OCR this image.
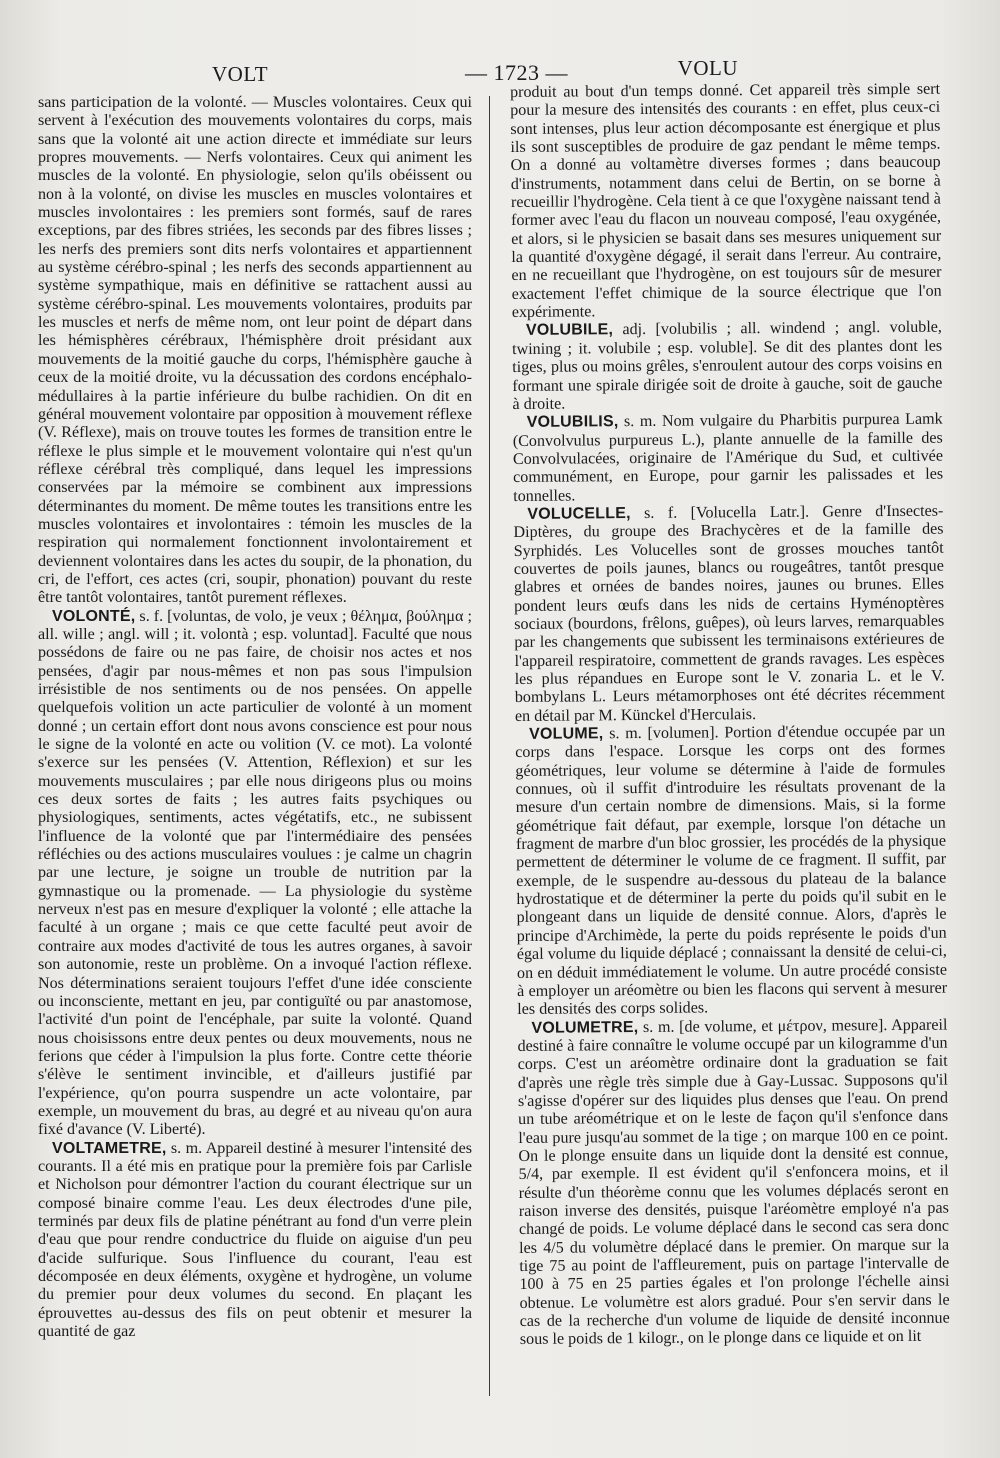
VOLT	— 1723 —	VOLU

sans participation de la volonté. — Muscles volontaires. Ceux qui servent à l'exécution des mouvements volontaires du corps, mais sans que la volonté ait une action directe et immédiate sur leurs propres mouvements. — Nerfs volontaires. Ceux qui animent les muscles de la volonté. En physiologie, selon qu'ils obéissent ou non à la volonté, on divise les muscles en muscles volontaires et muscles involontaires : les premiers sont formés, sauf de rares exceptions, par des fibres striées, les seconds par des fibres lisses ; les nerfs des premiers sont dits nerfs volontaires et appartiennent au système cérébro-spinal ; les nerfs des seconds appartiennent au système sympathique, mais en définitive se rattachent aussi au système cérébro-spinal. Les mouvements volontaires, produits par les muscles et nerfs de même nom, ont leur point de départ dans les hémisphères cérébraux, l'hémisphère droit présidant aux mouvements de la moitié gauche du corps, l'hémisphère gauche à ceux de la moitié droite, vu la décussation des cordons encéphalo-médullaires à la partie inférieure du bulbe rachidien. On dit en général mouvement volontaire par opposition à mouvement réflexe (V. Réflexe), mais on trouve toutes les formes de transition entre le réflexe le plus simple et le mouvement volontaire qui n'est qu'un réflexe cérébral très compliqué, dans lequel les impressions conservées par la mémoire se combinent aux impressions déterminantes du moment. De même toutes les transitions entre les muscles volontaires et involontaires : témoin les muscles de la respiration qui normalement fonctionnent involontairement et deviennent volontaires dans les actes du soupir, de la phonation, du cri, de l'effort, ces actes (cri, soupir, phonation) pouvant du reste être tantôt volontaires, tantôt purement réflexes.

VOLONTÉ, s. f. [voluntas, de volo, je veux ; θέλημα, βούλημα ; all. wille ; angl. will ; it. volontà ; esp. voluntad]. Faculté que nous possédons de faire ou ne pas faire, de choisir nos actes et nos pensées, d'agir par nous-mêmes et non pas sous l'impulsion irrésistible de nos sentiments ou de nos pensées. On appelle quelquefois volition un acte particulier de volonté à un moment donné ; un certain effort dont nous avons conscience est pour nous le signe de la volonté en acte ou volition (V. ce mot). La volonté s'exerce sur les pensées (V. Attention, Réflexion) et sur les mouvements musculaires ; par elle nous dirigeons plus ou moins ces deux sortes de faits ; les autres faits psychiques ou physiologiques, sentiments, actes végétatifs, etc., ne subissent l'influence de la volonté que par l'intermédiaire des pensées réfléchies ou des actions musculaires voulues : je calme un chagrin par une lecture, je soigne un trouble de nutrition par la gymnastique ou la promenade. — La physiologie du système nerveux n'est pas en mesure d'expliquer la volonté ; elle attache la faculté à un organe ; mais ce que cette faculté peut avoir de contraire aux modes d'activité de tous les autres organes, à savoir son autonomie, reste un problème. On a invoqué l'action réflexe. Nos déterminations seraient toujours l'effet d'une idée consciente ou inconsciente, mettant en jeu, par contiguïté ou par anastomose, l'activité d'un point de l'encéphale, par suite la volonté. Quand nous choisissons entre deux pentes ou deux mouvements, nous ne ferions que céder à l'impulsion la plus forte. Contre cette théorie s'élève le sentiment invincible, et d'ailleurs justifié par l'expérience, qu'on pourra suspendre un acte volontaire, par exemple, un mouvement du bras, au degré et au niveau qu'on aura fixé d'avance (V. Liberté).

VOLTAMETRE, s. m. Appareil destiné à mesurer l'intensité des courants. Il a été mis en pratique pour la première fois par Carlisle et Nicholson pour démontrer l'action du courant électrique sur un composé binaire comme l'eau. Les deux électrodes d'une pile, terminés par deux fils de platine pénétrant au fond d'un verre plein d'eau que pour rendre conductrice du fluide on aiguise d'un peu d'acide sulfurique. Sous l'influence du courant, l'eau est décomposée en deux éléments, oxygène et hydrogène, un volume du premier pour deux volumes du second. En plaçant les éprouvettes au-dessus des fils on peut obtenir et mesurer la quantité de gaz

produit au bout d'un temps donné. Cet appareil très simple sert pour la mesure des intensités des courants : en effet, plus ceux-ci sont intenses, plus leur action décomposante est énergique et plus ils sont susceptibles de produire de gaz pendant le même temps. On a donné au voltamètre diverses formes ; dans beaucoup d'instruments, notamment dans celui de Bertin, on se borne à recueillir l'hydrogène. Cela tient à ce que l'oxygène naissant tend à former avec l'eau du flacon un nouveau composé, l'eau oxygénée, et alors, si le physicien se basait dans ses mesures uniquement sur la quantité d'oxygène dégagé, il serait dans l'erreur. Au contraire, en ne recueillant que l'hydrogène, on est toujours sûr de mesurer exactement l'effet chimique de la source électrique que l'on expérimente.

VOLUBILE, adj. [volubilis ; all. windend ; angl. voluble, twining ; it. volubile ; esp. voluble]. Se dit des plantes dont les tiges, plus ou moins grêles, s'enroulent autour des corps voisins en formant une spirale dirigée soit de droite à gauche, soit de gauche à droite.

VOLUBILIS, s. m. Nom vulgaire du Pharbitis purpurea Lamk (Convolvulus purpureus L.), plante annuelle de la famille des Convolvulacées, originaire de l'Amérique du Sud, et cultivée communément, en Europe, pour garnir les palissades et les tonnelles.

VOLUCELLE, s. f. [Volucella Latr.]. Genre d'Insectes-Diptères, du groupe des Brachycères et de la famille des Syrphidés. Les Volucelles sont de grosses mouches tantôt couvertes de poils jaunes, blancs ou rougeâtres, tantôt presque glabres et ornées de bandes noires, jaunes ou brunes. Elles pondent leurs œufs dans les nids de certains Hyménoptères sociaux (bourdons, frêlons, guêpes), où leurs larves, remarquables par les changements que subissent les terminaisons extérieures de l'appareil respiratoire, commettent de grands ravages. Les espèces les plus répandues en Europe sont le V. zonaria L. et le V. bombylans L. Leurs métamorphoses ont été décrites récemment en détail par M. Künckel d'Herculais.

VOLUME, s. m. [volumen]. Portion d'étendue occupée par un corps dans l'espace. Lorsque les corps ont des formes géométriques, leur volume se détermine à l'aide de formules connues, où il suffit d'introduire les résultats provenant de la mesure d'un certain nombre de dimensions. Mais, si la forme géométrique fait défaut, par exemple, lorsque l'on détache un fragment de marbre d'un bloc grossier, les procédés de la physique permettent de déterminer le volume de ce fragment. Il suffit, par exemple, de le suspendre au-dessous du plateau de la balance hydrostatique et de déterminer la perte du poids qu'il subit en le plongeant dans un liquide de densité connue. Alors, d'après le principe d'Archimède, la perte du poids représente le poids d'un égal volume du liquide déplacé ; connaissant la densité de celui-ci, on en déduit immédiatement le volume. Un autre procédé consiste à employer un aréomètre ou bien les flacons qui servent à mesurer les densités des corps solides.

VOLUMETRE, s. m. [de volume, et μέτρον, mesure]. Appareil destiné à faire connaître le volume occupé par un kilogramme d'un corps. C'est un aréomètre ordinaire dont la graduation se fait d'après une règle très simple due à Gay-Lussac. Supposons qu'il s'agisse d'opérer sur des liquides plus denses que l'eau. On prend un tube aréométrique et on le leste de façon qu'il s'enfonce dans l'eau pure jusqu'au sommet de la tige ; on marque 100 en ce point. On le plonge ensuite dans un liquide dont la densité est connue, 5/4, par exemple. Il est évident qu'il s'enfoncera moins, et il résulte d'un théorème connu que les volumes déplacés seront en raison inverse des densités, puisque l'aréomètre employé n'a pas changé de poids. Le volume déplacé dans le second cas sera donc les 4/5 du volumètre déplacé dans le premier. On marque sur la tige 75 au point de l'affleurement, puis on partage l'intervalle de 100 à 75 en 25 parties égales et l'on prolonge l'échelle ainsi obtenue. Le volumètre est alors gradué. Pour s'en servir dans le cas de la recherche d'un volume de liquide de densité inconnue sous le poids de 1 kilogr., on le plonge dans ce liquide et on lit
